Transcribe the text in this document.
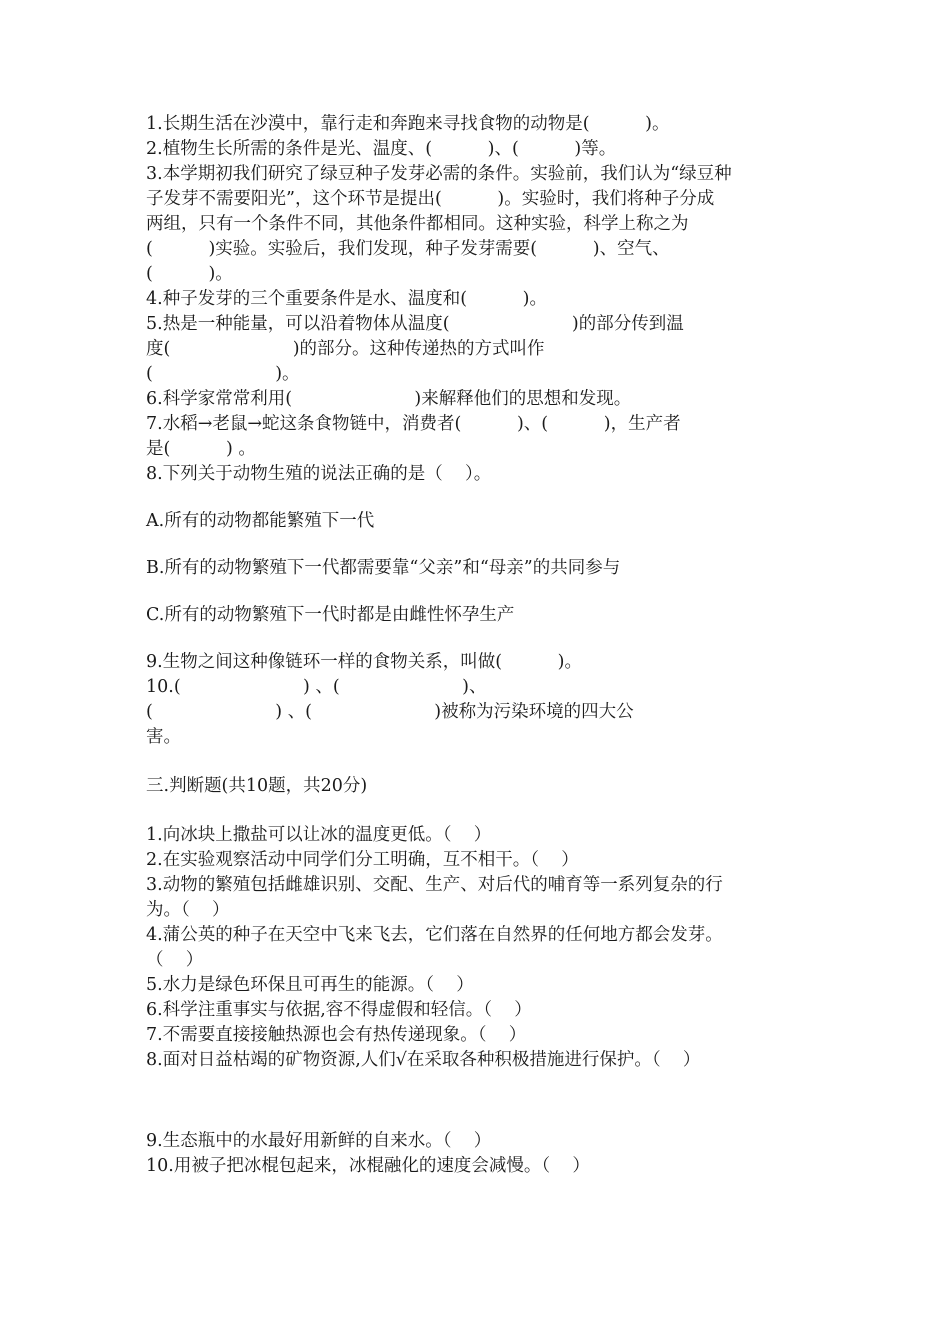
1.长期生活在沙漠中，靠行走和奔跑来寻找食物的动物是(          )。
2.植物生长所需的条件是光、温度、(          )、(          )等。
3.本学期初我们研究了绿豆种子发芽必需的条件。实验前，我们认为“绿豆种
子发芽不需要阳光”，这个环节是提出(          )。实验时，我们将种子分成
两组，只有一个条件不同，其他条件都相同。这种实验，科学上称之为
(          )实验。实验后，我们发现，种子发芽需要(          )、空气、
(          )。
4.种子发芽的三个重要条件是水、温度和(          )。
5.热是一种能量，可以沿着物体从温度(                      )的部分传到温
度(                      )的部分。这种传递热的方式叫作
(                      )。
6.科学家常常利用(                      )来解释他们的思想和发现。
7.水稻→老鼠→蛇这条食物链中，消费者(          )、(          )，生产者
是(          ) 。
8.下列关于动物生殖的说法正确的是（    ）。
A.所有的动物都能繁殖下一代
B.所有的动物繁殖下一代都需要靠“父亲”和“母亲”的共同参与
C.所有的动物繁殖下一代时都是由雌性怀孕生产
9.生物之间这种像链环一样的食物关系，叫做(          )。
10.(                      ) 、(                      )、
(                      ) 、(                      )被称为污染环境的四大公
害。
三.判断题(共10题，共20分)
1.向冰块上撒盐可以让冰的温度更低。（    ）
2.在实验观察活动中同学们分工明确，互不相干。（    ）
3.动物的繁殖包括雌雄识别、交配、生产、对后代的哺育等一系列复杂的行
为。（    ）
4.蒲公英的种子在天空中飞来飞去，它们落在自然界的任何地方都会发芽。
（    ）
5.水力是绿色环保且可再生的能源。（    ）
6.科学注重事实与依据,容不得虚假和轻信。（    ）
7.不需要直接接触热源也会有热传递现象。（    ）
8.面对日益枯竭的矿物资源,人们√在采取各种积极措施进行保护。（    ）
9.生态瓶中的水最好用新鲜的自来水。（    ）
10.用被子把冰棍包起来，冰棍融化的速度会减慢。（    ）
